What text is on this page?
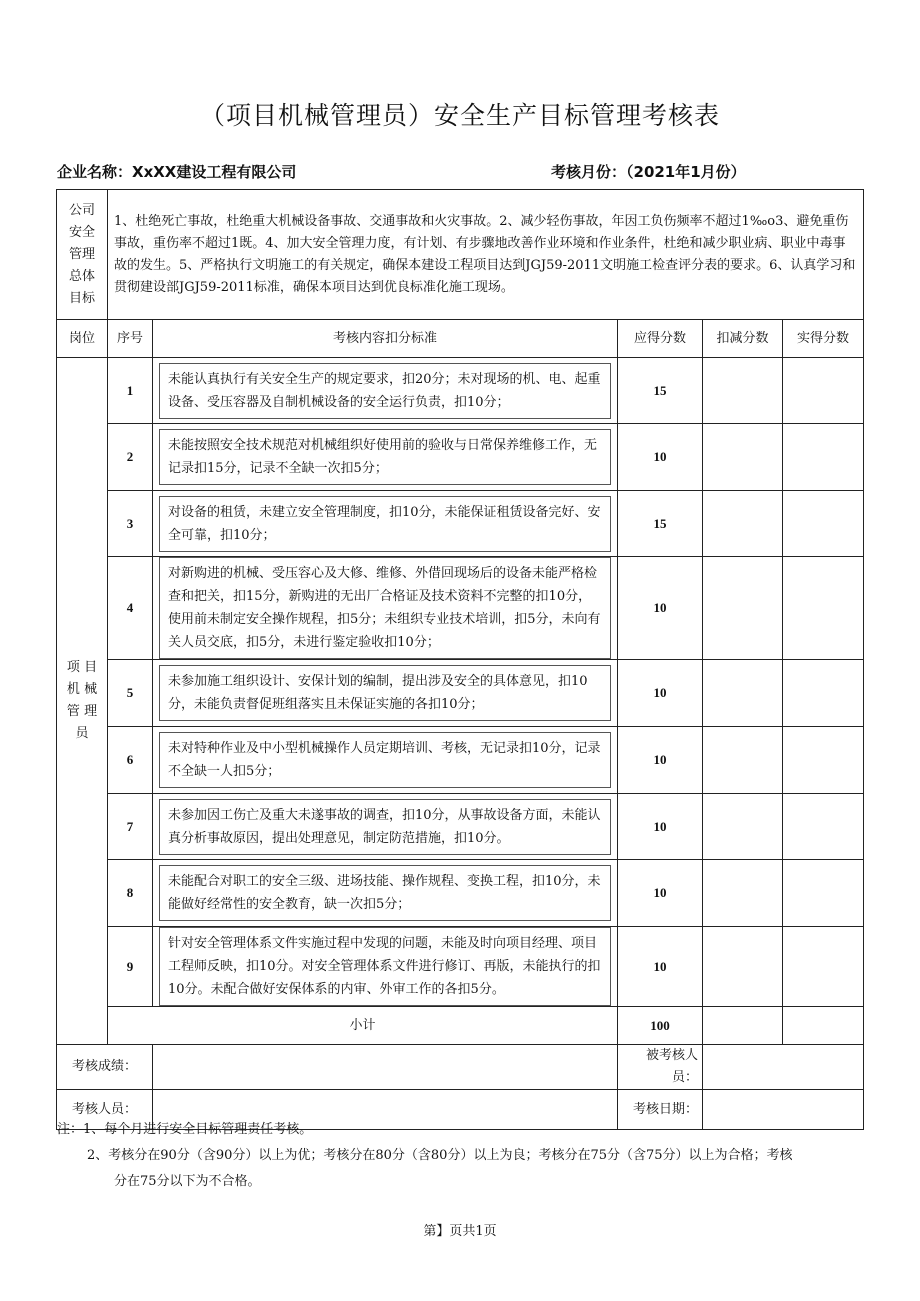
（项目机械管理员）安全生产目标管理考核表
企业名称：XxXX建设工程有限公司	考核月份：（2021年1月份）
公司安全管理总体目标	1、杜绝死亡事故，杜绝重大机械设备事故、交通事故和火灾事故。2、减少轻伤事故，年因工负伤频率不超过1‰o3、避免重伤事故，重伤率不超过1既。4、加大安全管理力度，有计划、有步骤地改善作业环境和作业条件，杜绝和减少职业病、职业中毒事故的发生。5、严格执行文明施工的有关规定，确保本建设工程项目达到JGJ59-2011文明施工检查评分表的要求。6、认真学习和贯彻建设部JGJ59-2011标准，确保本项目达到优良标准化施工现场。				
岗位	序号	考核内容扣分标准	应得分数	扣减分数	实得分数

项 目
机 械
管 理
员	1	未能认真执行有关安全生产的规定要求，扣20分；未对现场的机、电、起重设备、受压容器及自制机械设备的安全运行负责，扣10分；	15		
	2	未能按照安全技术规范对机械组织好使用前的验收与日常保养维修工作，无记录扣15分，记录不全缺一次扣5分；	10		
	3	对设备的租赁，未建立安全管理制度，扣10分，未能保证租赁设备完好、安全可靠，扣10分；	15		
	4	对新购进的机械、受压容心及大修、维修、外借回现场后的设备未能严格检查和把关，扣15分，新购进的无出厂合格证及技术资料不完整的扣10分，使用前未制定安全操作规程，扣5分；未组织专业技术培训，扣5分，未向有关人员交底，扣5分，未进行鉴定验收扣10分；	10		
	5	未参加施工组织设计、安保计划的编制，提出涉及安全的具体意见，扣10分，未能负责督促班组落实且未保证实施的各扣10分；	10		
	6	未对特种作业及中小型机械操作人员定期培训、考核，无记录扣10分，记录不全缺一人扣5分；	10		
	7	未参加因工伤亡及重大未遂事故的调查，扣10分，从事故设备方面，未能认真分析事故原因，提出处理意见，制定防范措施，扣10分。	10		
	8	未能配合对职工的安全三级、进场技能、操作规程、变换工程，扣10分，未能做好经常性的安全教育，缺一次扣5分；	10		
	9	针对安全管理体系文件实施过程中发现的问题，未能及时向项目经理、项目工程师反映，扣10分。对安全管理体系文件进行修订、再版，未能执行的扣10分。未配合做好安保体系的内审、外审工作的各扣5分。	10		
	小计		100		
考核成绩：			被考核人员：		
考核人员：			考核日期：		
注：1、每个月进行安全目标管理责任考核。
2、考核分在90分（含90分）以上为优；考核分在80分（含80分）以上为良；考核分在75分（含75分）以上为合格；考核
分在75分以下为不合格。
第】页共1页
